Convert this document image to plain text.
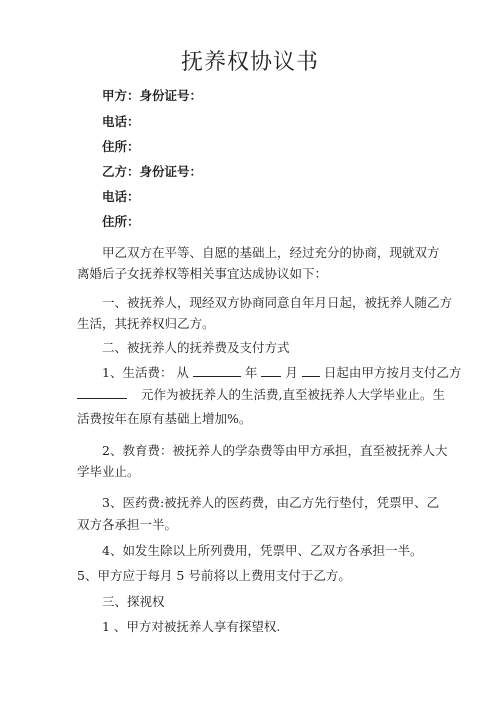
抚养权协议书
甲方：身份证号：
电话：
住所：
乙方：身份证号：
电话：
住所：
甲乙双方在平等、自愿的基础上，经过充分的协商，现就双方
离婚后子女抚养权等相关事宜达成协议如下：
一、被抚养人，现经双方协商同意自年月日起，被抚养人随乙方
生活，其抚养权归乙方。
二、被抚养人的抚养费及支付方式
1、生活费： 从	年 月 日起由甲方按月支付乙方
元作为被抚养人的生活费,直至被抚养人大学毕业止。生
活费按年在原有基础上增加%。
2、教育费：被抚养人的学杂费等由甲方承担，直至被抚养人大
学毕业止。
3、医药费:被抚养人的医药费，由乙方先行垫付，凭票甲、乙
双方各承担一半。
4、如发生除以上所列费用，凭票甲、乙双方各承担一半。
5、甲方应于每月 5 号前将以上费用支付于乙方。
三、探视权
1 、甲方对被抚养人享有探望权.
